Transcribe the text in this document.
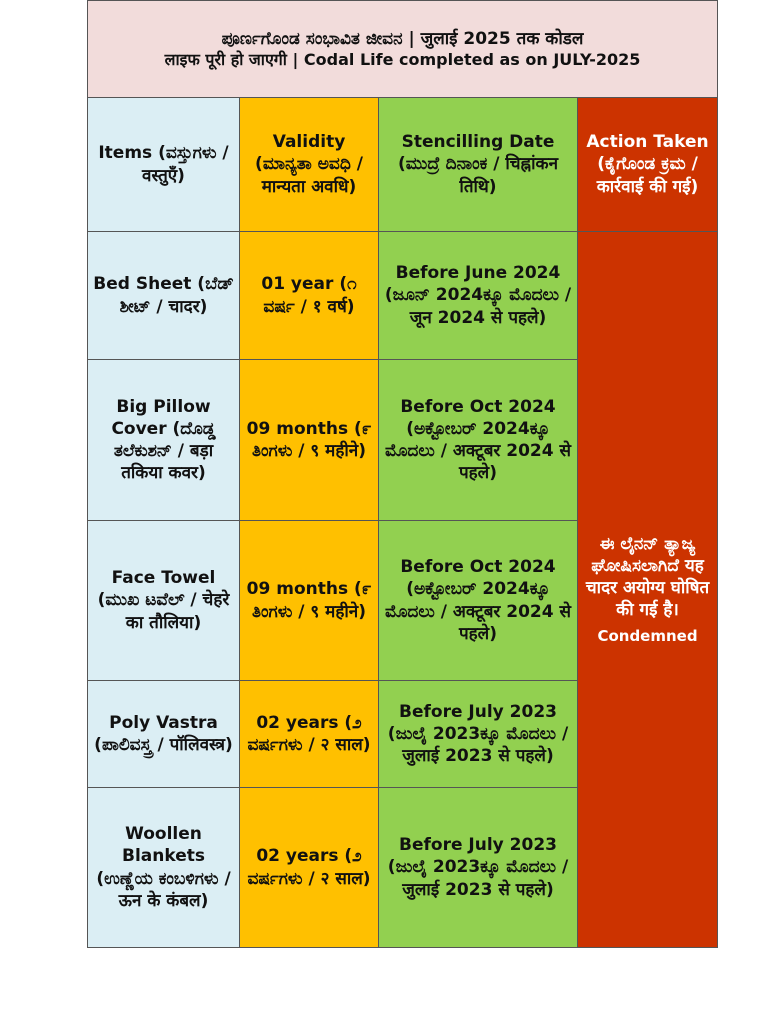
ಪೂರ್ಣಗೊಂಡ ಸಂಭಾವಿತ ಜೀವನ | जुलाई 2025 तक कोडल
लाइफ पूरी हो जाएगी | Codal Life completed as on JULY-2025			

Items (ವಸ್ತುಗಳು / वस्तुएँ)	Validity (ಮಾನ್ಯತಾ ಅವಧಿ / मान्यता अवधि)	Stencilling Date (ಮುದ್ರೆ ದಿನಾಂಕ / चिह्नांकन तिथि)	Action Taken (ಕೈಗೊಂಡ ಕ್ರಮ / कार्रवाई की गई)
Bed Sheet (ಬೆಡ್ ಶೀಟ್ / चादर)	01 year (೧ ವರ್ಷ / १ वर्ष)	Before June 2024 (ಜೂನ್ 2024ಕ್ಕೂ ಮೊದಲು / जून 2024 से पहले)	ಈ ಲೈನನ್ ತ್ಯಾಜ್ಯ ಘೋಷಿಸಲಾಗಿದೆ यह चादर अयोग्य घोषित की गई है।
Condemned

Big Pillow Cover (ದೊಡ್ಡ ತಲೆಕುಶನ್ / बड़ा तकिया कवर)	09 months (೯ ತಿಂಗಳು / ९ महीने)	Before Oct 2024 (ಅಕ್ಟೋಬರ್ 2024ಕ್ಕೂ ಮೊದಲು / अक्टूबर 2024 से पहले)	
Face Towel (ಮುಖ ಟವೆಲ್ / चेहरे का तौलिया)	09 months (೯ ತಿಂಗಳು / ९ महीने)	Before Oct 2024 (ಅಕ್ಟೋಬರ್ 2024ಕ್ಕೂ ಮೊದಲು / अक्टूबर 2024 से पहले)	
Poly Vastra (ಪಾಲಿವಸ್ತ್ರ / पॉलिवस्त्र)	02 years (೨ ವರ್ಷಗಳು / २ साल)	Before July 2023 (ಜುಲೈ 2023ಕ್ಕೂ ಮೊದಲು / जुलाई 2023 से पहले)	
Woollen Blankets (ಉಣ್ಣೆಯ ಕಂಬಳಿಗಳು / ऊन के कंबल)	02 years (೨ ವರ್ಷಗಳು / २ साल)	Before July 2023 (ಜುಲೈ 2023ಕ್ಕೂ ಮೊದಲು / जुलाई 2023 से पहले)	
